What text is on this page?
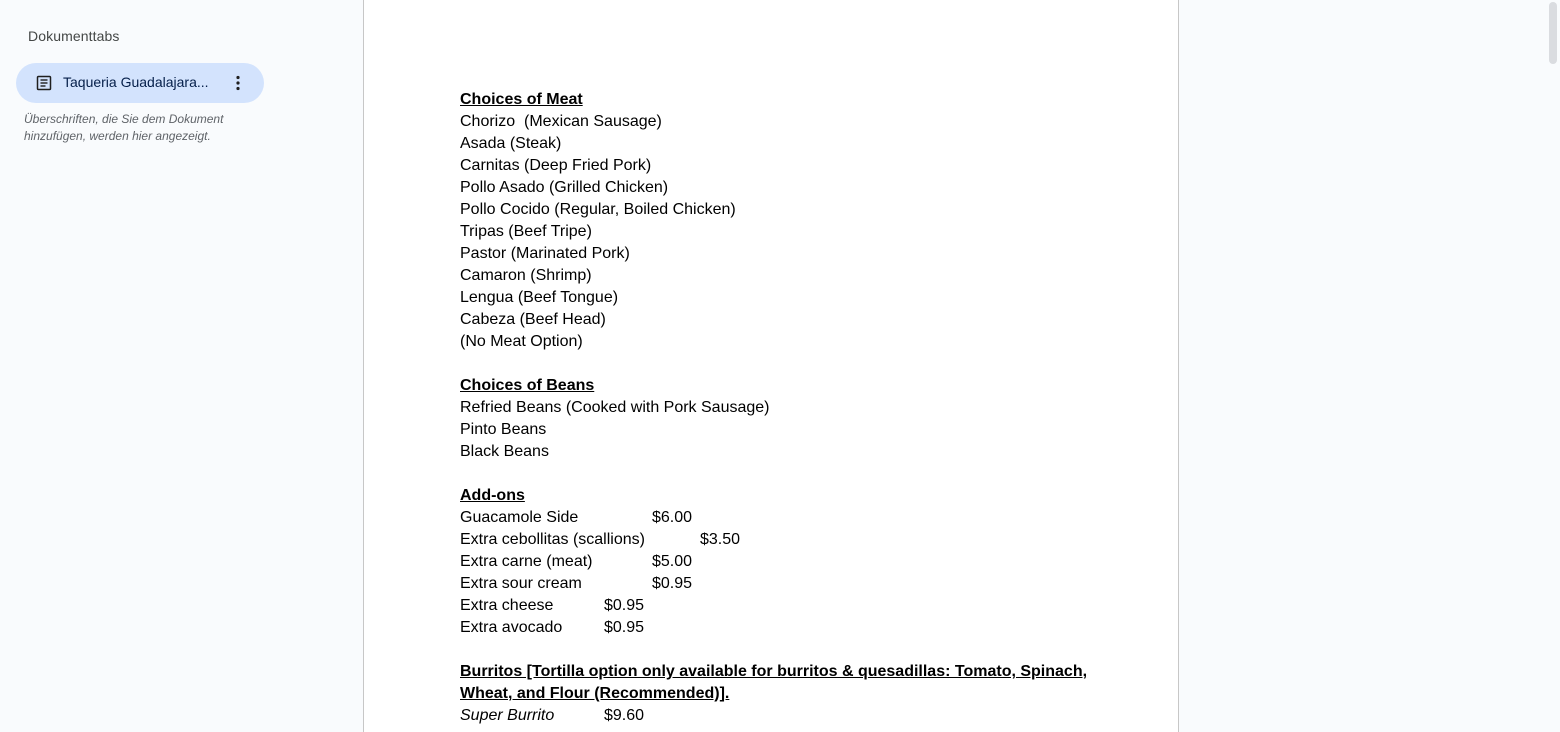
Dokumenttabs
Taqueria Guadalajara...
Überschriften, die Sie dem Dokument hinzufügen, werden hier angezeigt.

Choices of Meat

Chorizo  (Mexican Sausage)

Asada (Steak)

Carnitas (Deep Fried Pork)

Pollo Asado (Grilled Chicken)

Pollo Cocido (Regular, Boiled Chicken)

Tripas (Beef Tripe)

Pastor (Marinated Pork)

Camaron (Shrimp)

Lengua (Beef Tongue)

Cabeza (Beef Head)

(No Meat Option)

Choices of Beans

Refried Beans (Cooked with Pork Sausage)

Pinto Beans

Black Beans

Add-ons

Guacamole Side	$6.00
Extra cebollitas (scallions)	$3.50
Extra carne (meat)	$5.00
Extra sour cream	$0.95
Extra cheese	$0.95
Extra avocado	$0.95

Burritos [Tortilla option only available for burritos & quesadillas: Tomato, Spinach, Wheat, and Flour (Recommended)].

Super Burrito	$9.60
